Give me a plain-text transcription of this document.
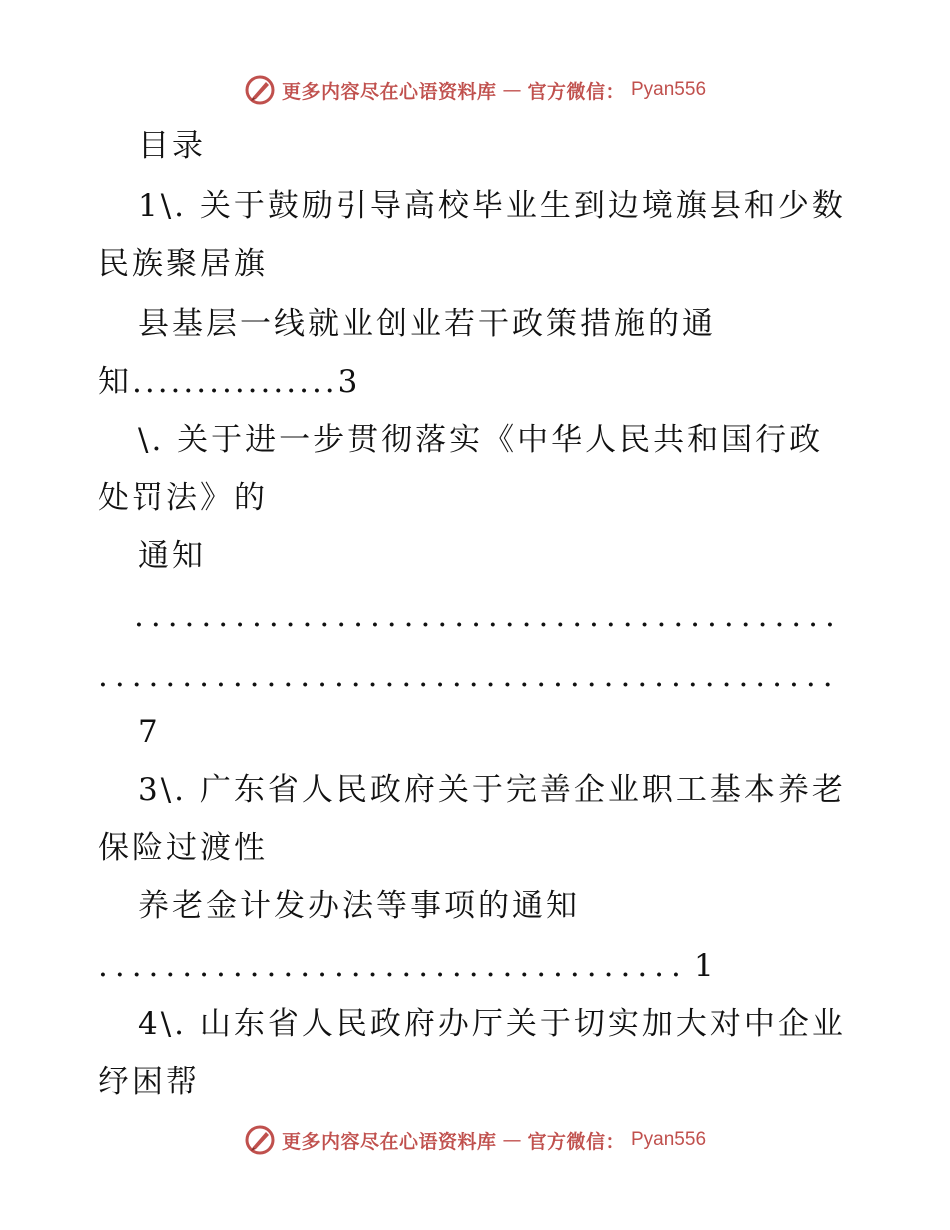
更多内容尽在心语资料库 — 官方微信： Pyan556
目录
1\. 关于鼓励引导高校毕业生到边境旗县和少数
民族聚居旗
县基层一线就业创业若干政策措施的通
知................3
\. 关于进一步贯彻落实《中华人民共和国行政
处罚法》的
通知
..........................................
............................................
7
3\. 广东省人民政府关于完善企业职工基本养老
保险过渡性
养老金计发办法等事项的通知
................................... 1
4\. 山东省人民政府办厅关于切实加大对中企业
纾困帮
更多内容尽在心语资料库 — 官方微信： Pyan556
